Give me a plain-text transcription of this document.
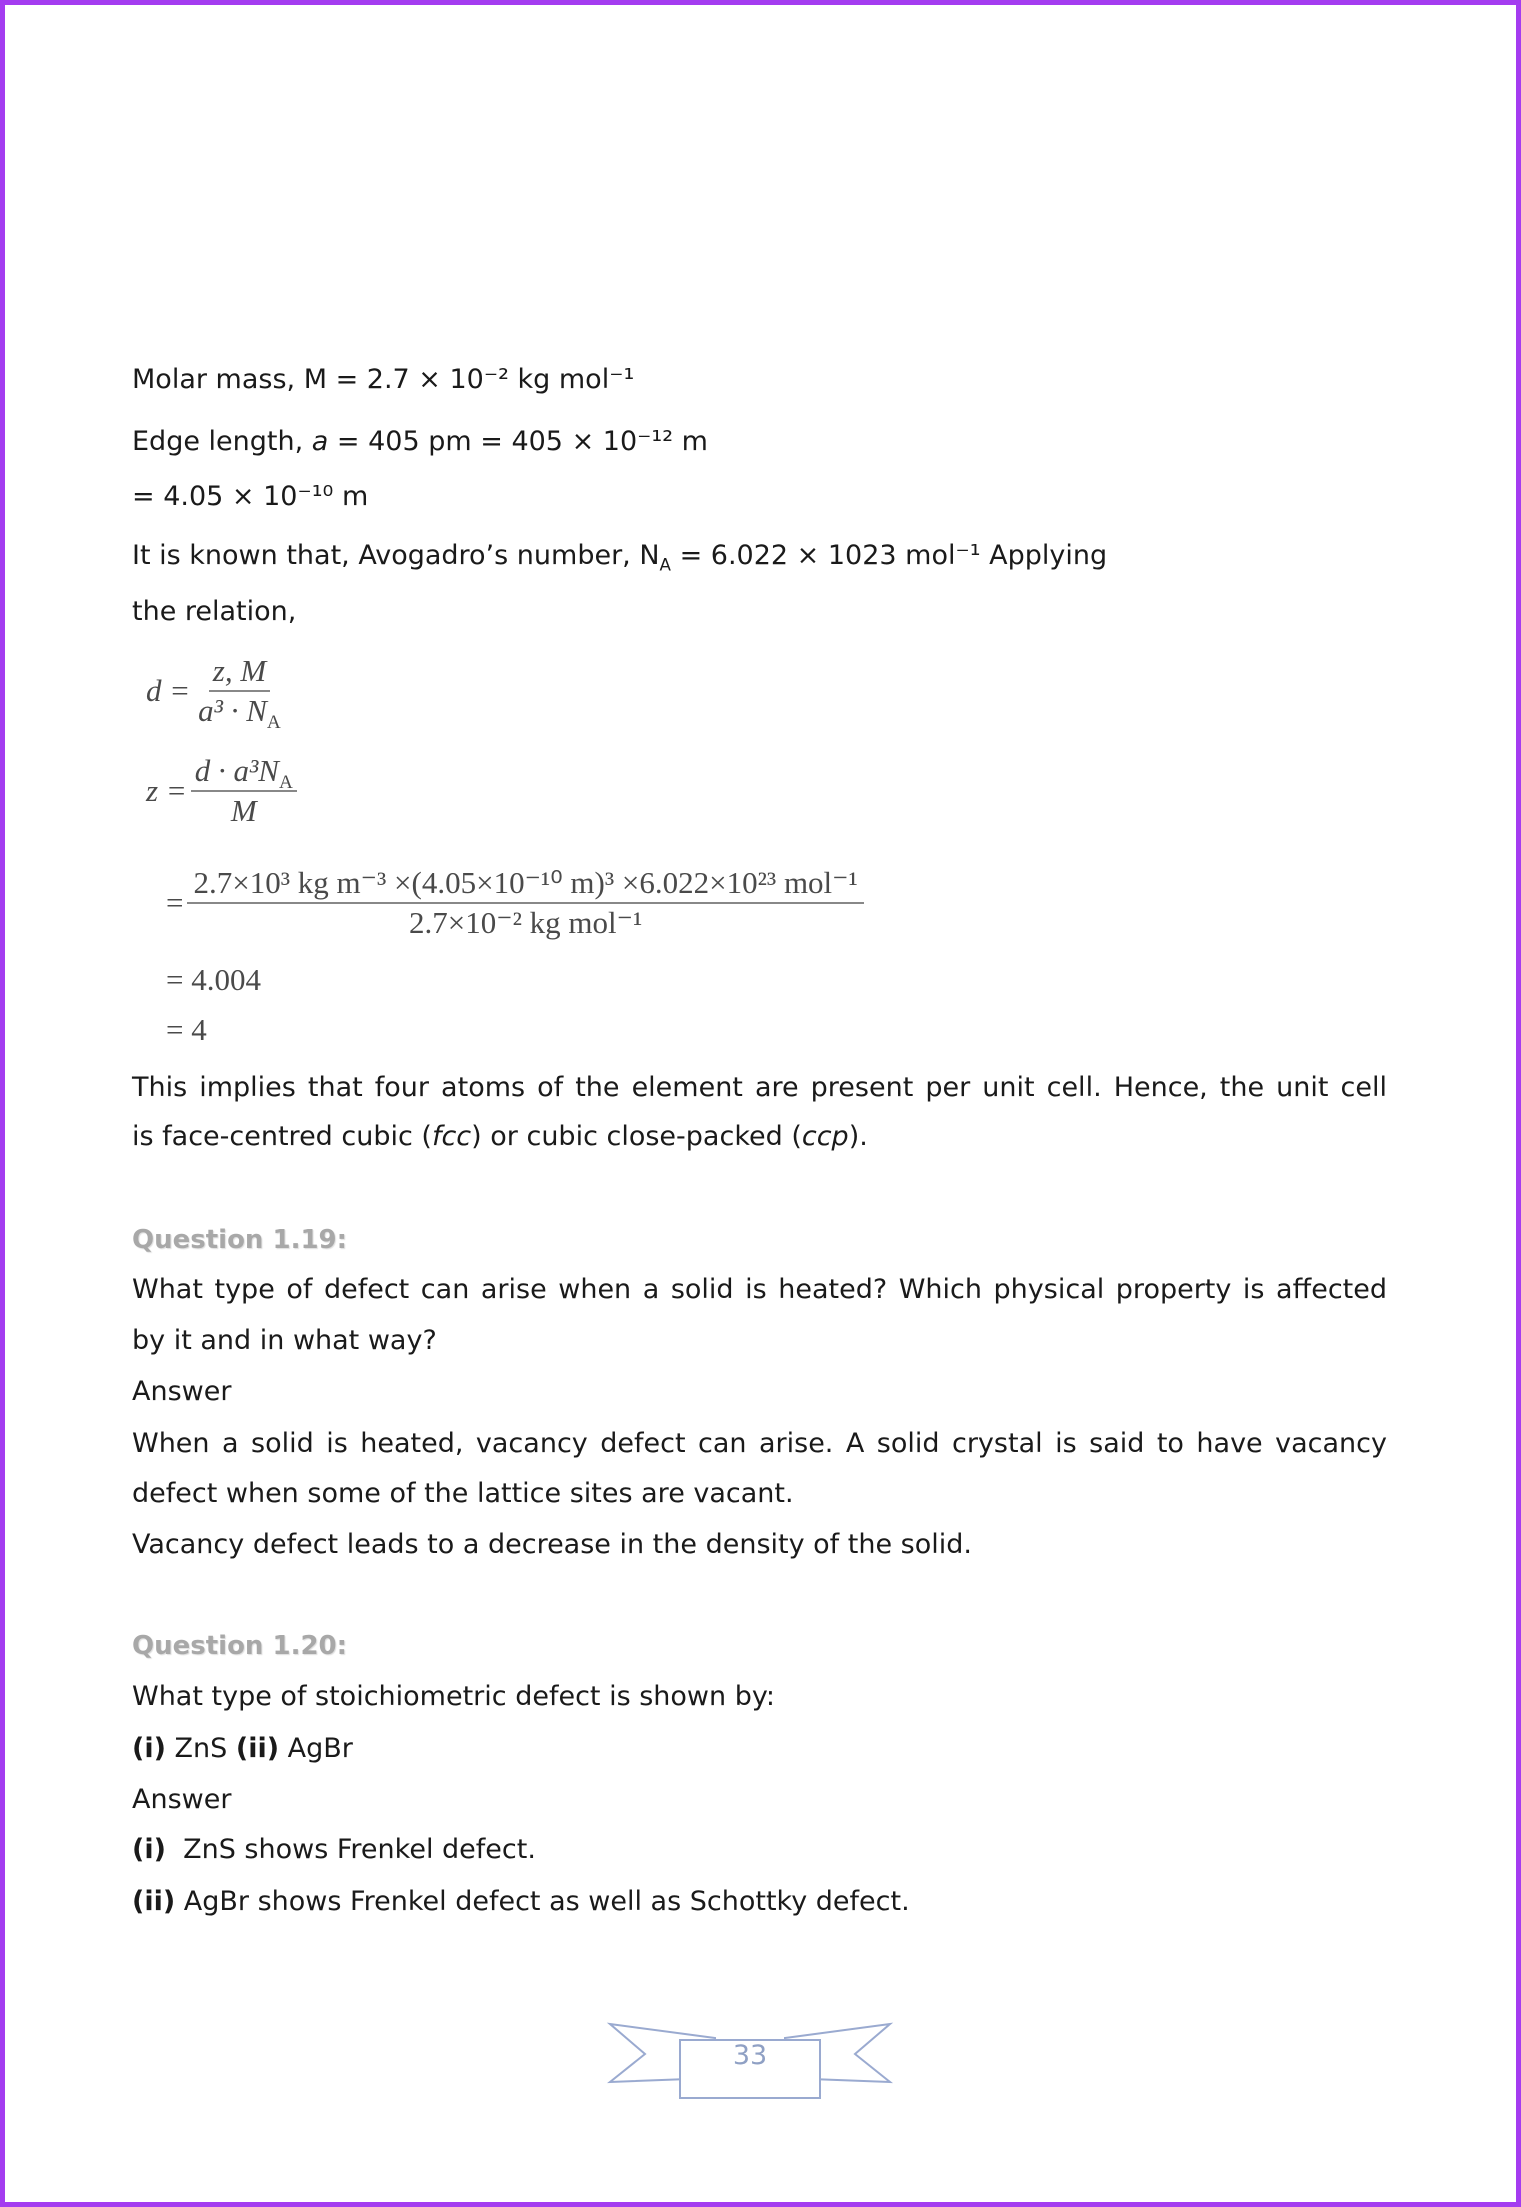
Molar mass, M = 2.7 × 10⁻² kg mol⁻¹
Edge length, a = 405 pm = 405 × 10⁻¹² m
= 4.05 × 10⁻¹⁰ m
It is known that, Avogadro’s number, $N_A = 6.022 \times 1023$ mol⁻¹ Applying
the relation,
$d = \frac{z, M}{a^3 \cdot N_A}$
$z = \frac{d \cdot a^3N_A}{M}$
= $\frac{\text{2.7×10³ kg m⁻³ ×(4.05×10⁻¹⁰ m)³ ×6.022×10²³ mol⁻¹}}{\text{2.7×10⁻² kg mol⁻¹}}$
= 4.004
= 4
This implies that four atoms of the element are present per unit cell. Hence, the unit cell
is face-centred cubic (fcc) or cubic close-packed (ccp).
Question 1.19:
What type of defect can arise when a solid is heated? Which physical property is affected
by it and in what way?
Answer
When a solid is heated, vacancy defect can arise. A solid crystal is said to have vacancy
defect when some of the lattice sites are vacant.
Vacancy defect leads to a decrease in the density of the solid.
Question 1.20:
What type of stoichiometric defect is shown by:
(i) ZnS (ii) AgBr
Answer
(i)  ZnS shows Frenkel defect.
(ii) AgBr shows Frenkel defect as well as Schottky defect.
33
